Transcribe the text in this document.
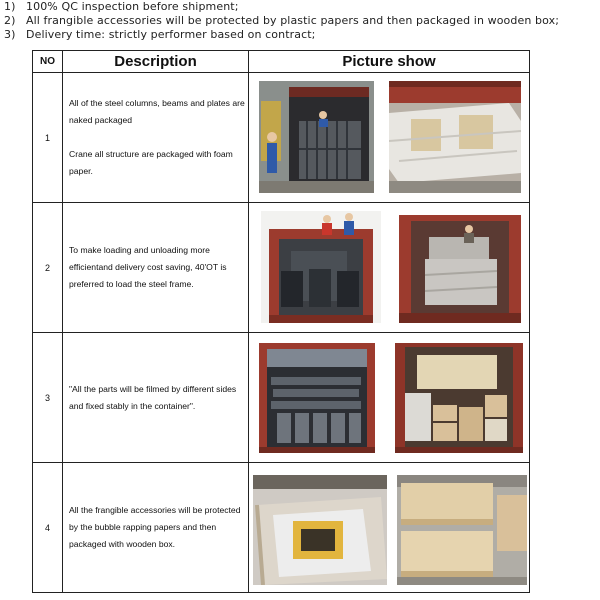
1) 100% QC inspection before shipment;
2) All frangible accessories will be protected by plastic papers and then packaged in wooden box;
3) Delivery time: strictly performer based on contract;
NO	Description	Picture show
1	All of the steel columns, beams and plates are naked packaged

Crane all structure are packaged with foam paper.

2	To make loading and unloading more efficientand delivery cost saving, 40'OT is preferred to load the steel frame.

3	"All the parts will be filmed by different sides and fixed stably in the container".

4	All the frangible accessories will be protected by the bubble rapping papers and then packaged with wooden box.
